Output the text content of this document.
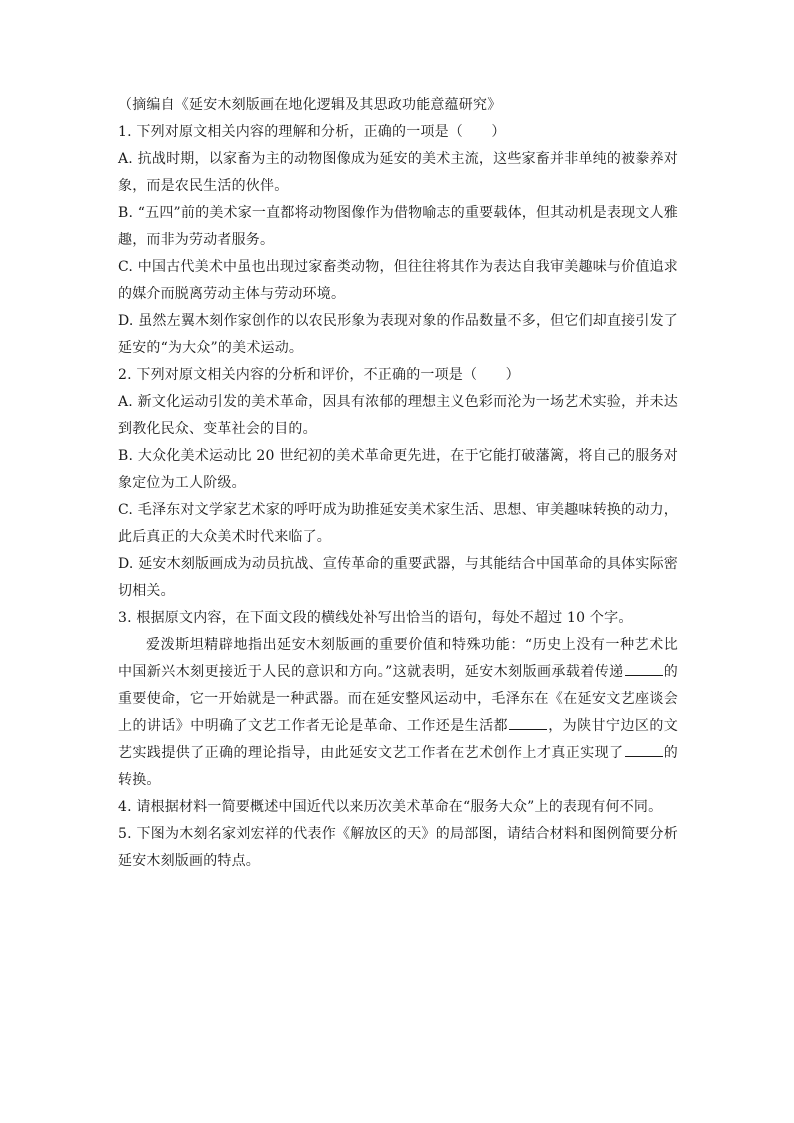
（摘编自《延安木刻版画在地化逻辑及其思政功能意蕴研究》

1. 下列对原文相关内容的理解和分析，正确的一项是（　　）

A. 抗战时期，以家畜为主的动物图像成为延安的美术主流，这些家畜并非单纯的被豢养对象，而是农民生活的伙伴。

B. “五四”前的美术家一直都将动物图像作为借物喻志的重要载体，但其动机是表现文人雅趣，而非为劳动者服务。

C. 中国古代美术中虽也出现过家畜类动物，但往往将其作为表达自我审美趣味与价值追求的媒介而脱离劳动主体与劳动环境。

D. 虽然左翼木刻作家创作的以农民形象为表现对象的作品数量不多，但它们却直接引发了延安的“为大众”的美术运动。

2. 下列对原文相关内容的分析和评价，不正确的一项是（　　）

A. 新文化运动引发的美术革命，因具有浓郁的理想主义色彩而沦为一场艺术实验，并未达到教化民众、变革社会的目的。

B. 大众化美术运动比 20 世纪初的美术革命更先进，在于它能打破藩篱，将自己的服务对象定位为工人阶级。

C. 毛泽东对文学家艺术家的呼吁成为助推延安美术家生活、思想、审美趣味转换的动力，此后真正的大众美术时代来临了。

D. 延安木刻版画成为动员抗战、宣传革命的重要武器，与其能结合中国革命的具体实际密切相关。

3. 根据原文内容，在下面文段的横线处补写出恰当的语句，每处不超过 10 个字。

爱泼斯坦精辟地指出延安木刻版画的重要价值和特殊功能：“历史上没有一种艺术比中国新兴木刻更接近于人民的意识和方向。”这就表明，延安木刻版画承载着传递	的重要使命，它一开始就是一种武器。而在延安整风运动中，毛泽东在《在延安文艺座谈会上的讲话》中明确了文艺工作者无论是革命、工作还是生活都	，为陕甘宁边区的文艺实践提供了正确的理论指导，由此延安文艺工作者在艺术创作上才真正实现了	的转换。

4. 请根据材料一简要概述中国近代以来历次美术革命在“服务大众”上的表现有何不同。

5. 下图为木刻名家刘宏祥的代表作《解放区的天》的局部图，请结合材料和图例简要分析延安木刻版画的特点。
